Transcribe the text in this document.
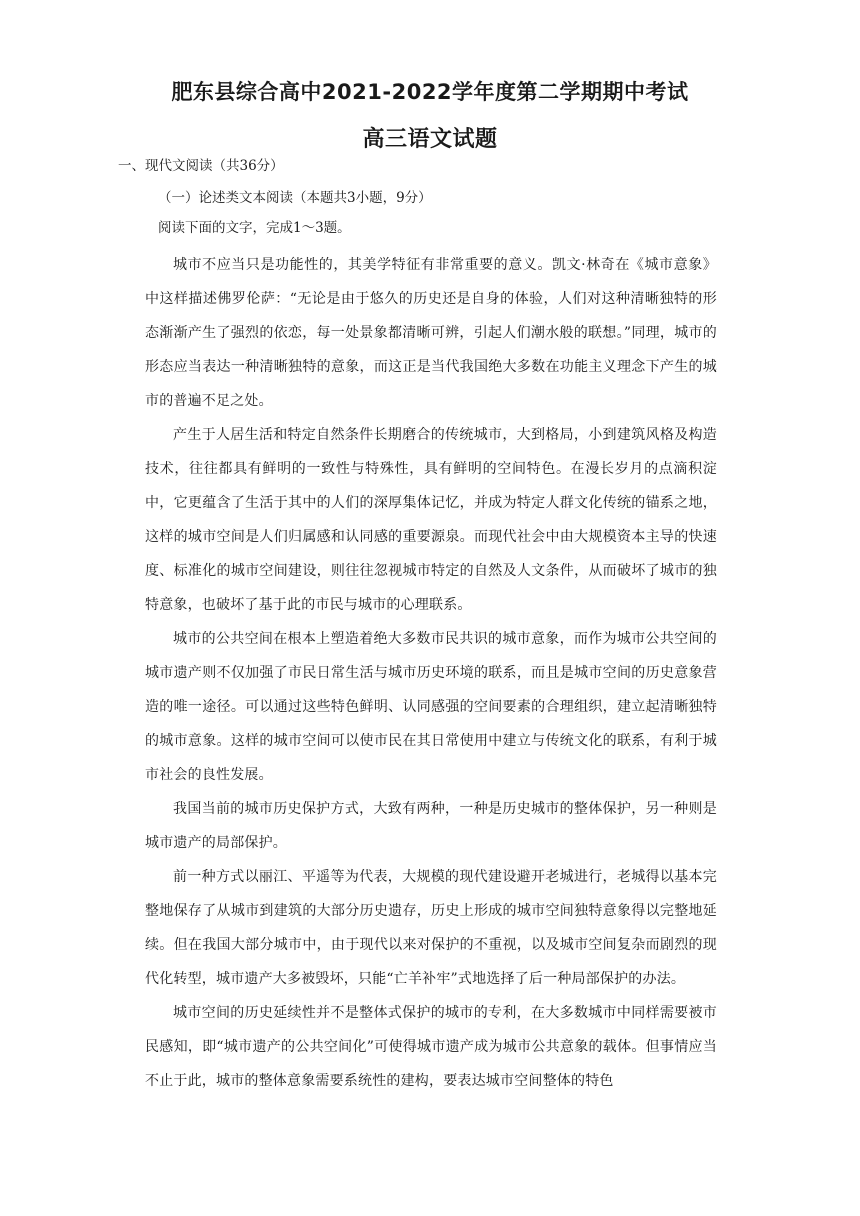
肥东县综合高中2021-2022学年度第二学期期中考试
高三语文试题

一、现代文阅读（共36分）

（一）论述类文本阅读（本题共3小题，9分）

阅读下面的文字，完成1～3题。

城市不应当只是功能性的，其美学特征有非常重要的意义。凯文·林奇在《城市意象》中这样描述佛罗伦萨：“无论是由于悠久的历史还是自身的体验，人们对这种清晰独特的形态渐渐产生了强烈的依恋，每一处景象都清晰可辨，引起人们潮水般的联想。”同理，城市的形态应当表达一种清晰独特的意象，而这正是当代我国绝大多数在功能主义理念下产生的城市的普遍不足之处。

产生于人居生活和特定自然条件长期磨合的传统城市，大到格局，小到建筑风格及构造技术，往往都具有鲜明的一致性与特殊性，具有鲜明的空间特色。在漫长岁月的点滴积淀中，它更蕴含了生活于其中的人们的深厚集体记忆，并成为特定人群文化传统的锚系之地，这样的城市空间是人们归属感和认同感的重要源泉。而现代社会中由大规模资本主导的快速度、标准化的城市空间建设，则往往忽视城市特定的自然及人文条件，从而破坏了城市的独特意象，也破坏了基于此的市民与城市的心理联系。

城市的公共空间在根本上塑造着绝大多数市民共识的城市意象，而作为城市公共空间的城市遗产则不仅加强了市民日常生活与城市历史环境的联系，而且是城市空间的历史意象营造的唯一途径。可以通过这些特色鲜明、认同感强的空间要素的合理组织，建立起清晰独特的城市意象。这样的城市空间可以使市民在其日常使用中建立与传统文化的联系，有利于城市社会的良性发展。

我国当前的城市历史保护方式，大致有两种，一种是历史城市的整体保护，另一种则是城市遗产的局部保护。

前一种方式以丽江、平遥等为代表，大规模的现代建设避开老城进行，老城得以基本完整地保存了从城市到建筑的大部分历史遗存，历史上形成的城市空间独特意象得以完整地延续。但在我国大部分城市中，由于现代以来对保护的不重视，以及城市空间复杂而剧烈的现代化转型，城市遗产大多被毁坏，只能“亡羊补牢”式地选择了后一种局部保护的办法。

城市空间的历史延续性并不是整体式保护的城市的专利，在大多数城市中同样需要被市民感知，即“城市遗产的公共空间化”可使得城市遗产成为城市公共意象的载体。但事情应当不止于此，城市的整体意象需要系统性的建构，要表达城市空间整体的特色
